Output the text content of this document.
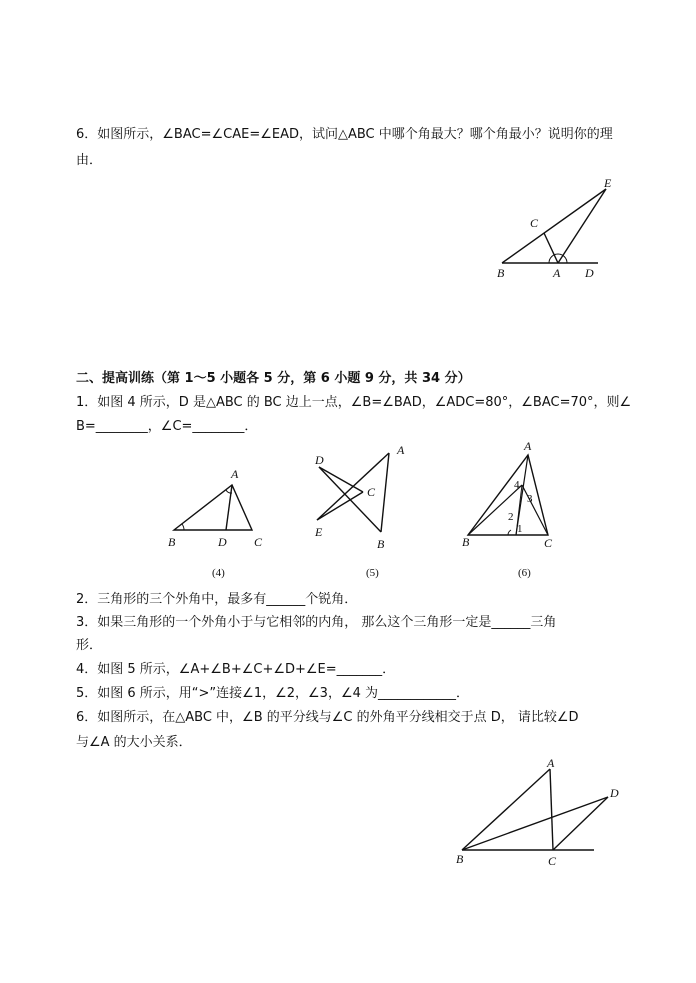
6．如图所示，∠BAC=∠CAE=∠EAD，试问△ABC 中哪个角最大？哪个角最小？说明你的理
由．
E
C
B	A D
二、提高训练（第 1～5 小题各 5 分，第 6 小题 9 分，共 34 分）
1．如图 4 所示，D 是△ABC 的 BC 边上一点，∠B=∠BAD，∠ADC=80°，∠BAC=70°，则∠
B=________，∠C=________．
A
B	D C
(4)
A
D
C
E
B
(5)
A
B	C
4
3
2
1
(6)
2．三角形的三个外角中，最多有______个锐角．
3．如果三角形的一个外角小于与它相邻的内角， 那么这个三角形一定是______三角
形．
4．如图 5 所示，∠A+∠B+∠C+∠D+∠E=_______．
5．如图 6 所示，用“>”连接∠1，∠2，∠3，∠4 为____________．
6．如图所示，在△ABC 中，∠B 的平分线与∠C 的外角平分线相交于点 D， 请比较∠D
与∠A 的大小关系．
A
D
B	C
